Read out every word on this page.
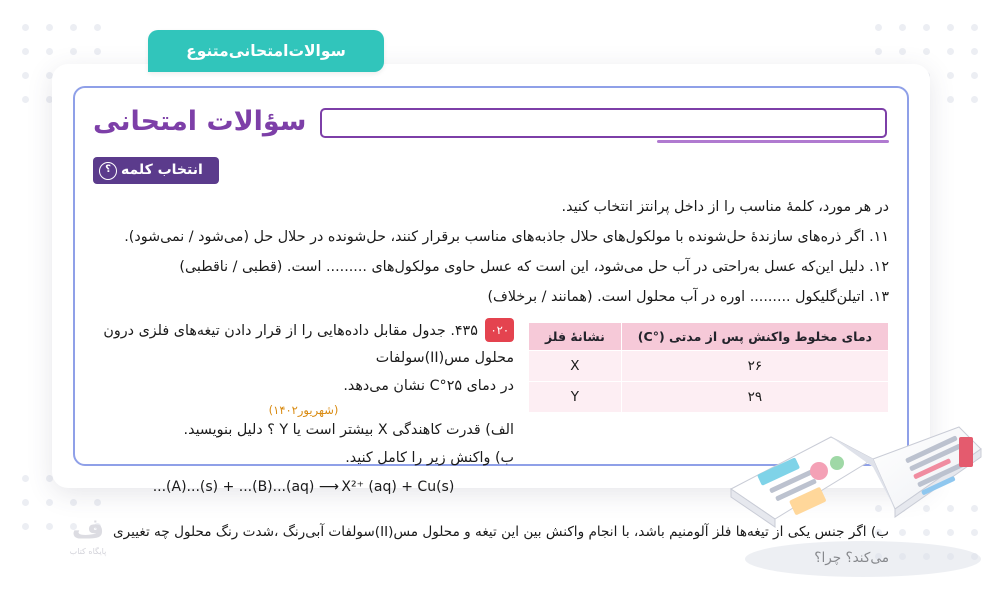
سوالات‌امتحانی‌متنوع
سؤالات امتحانی
انتخاب کلمه
؟

در هر مورد، کلمهٔ مناسب را از داخل پرانتز انتخاب کنید.

۱۱. اگر ذره‌های سازندهٔ حل‌شونده با مولکول‌های حلال جاذبه‌های مناسب برقرار کنند، حل‌شونده در حلال حل (می‌شود / نمی‌شود).

۱۲. دلیل این‌که عسل به‌راحتی در آب حل می‌شود، این است که عسل حاوی مولکول‌های ......... است. (قطبی / ناقطبی)

۱۳. اتیلن‌گلیکول ......... اوره در آب محلول است. (همانند / برخلاف)

دمای مخلوط واکنش پس از مدتی (°C)	نشانهٔ فلز
۲۶	X
۲۹	Y

۰۲۰ ۴۳۵. جدول مقابل داده‌هایی را از قرار دادن تیغه‌های فلزی درون محلول مس(II)‌سولفات

در دمای ۲۵°C نشان می‌دهد.

(شهریور۱۴۰۲)

الف) قدرت کاهندگی X بیشتر است یا Y ؟ دلیل بنویسید.

ب) واکنش زیر را کامل کنید.

...(A)...(s) + ...(B)...(aq) ⟶ X²⁺ (aq) + Cu(s)

ب) اگر جنس یکی از تیغه‌ها فلز آلومنیم باشد، با انجام واکنش بین این تیغه و محلول مس(II)‌سولفات آبی‌رنگ ،شدت رنگ محلول چه تغییری

ﻑ
پایگاه کتاب
